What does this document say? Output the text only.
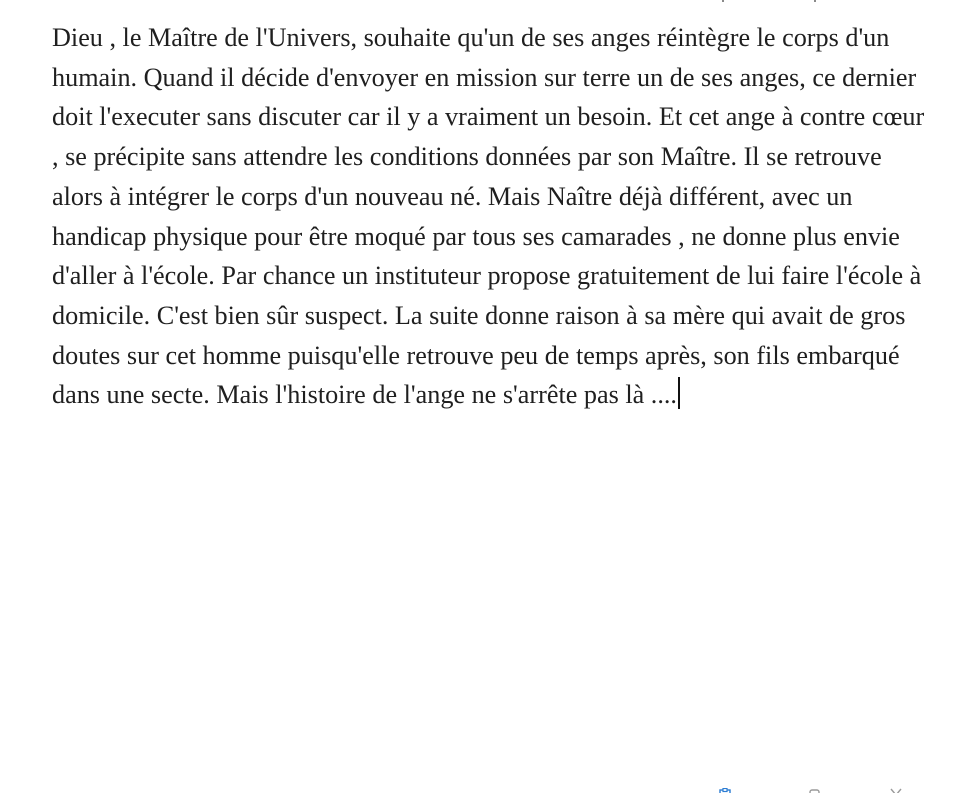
Dieu , le Maître de l'Univers, souhaite qu'un de ses anges réintègre le corps d'un humain. Quand il décide d'envoyer en mission sur terre un de ses anges, ce dernier doit l'executer sans discuter car il y a vraiment un besoin. Et cet ange à contre cœur , se précipite sans attendre les conditions données par son Maître. Il se retrouve alors à intégrer le corps d'un nouveau né. Mais Naître déjà différent, avec un handicap physique pour être moqué par tous ses camarades , ne donne plus envie d'aller à l'école. Par chance un instituteur propose gratuitement de lui faire l'école à domicile. C'est bien sûr suspect. La suite donne raison à sa mère qui avait de gros doutes sur cet homme puisqu'elle retrouve peu de temps après, son fils embarqué dans une secte. Mais l'histoire de l'ange ne s'arrête pas là ....
